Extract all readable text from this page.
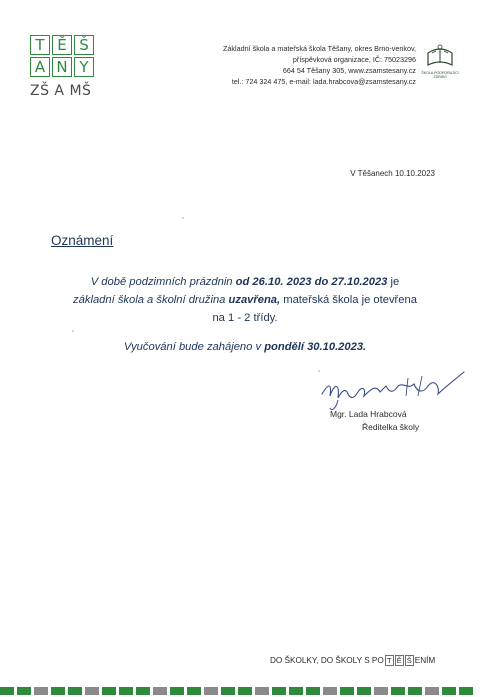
T Ě Š
A N Y
ZŠ A MŠ
Základní škola a mateřská škola Těšany, okres Brno-venkov,
příspěvková organizace, IČ: 75023296
664 54 Těšany 305, www.zsamstesany.cz
tel.: 724 324 475, e-mail: lada.hrabcova@zsamstesany.cz
ŠKOLA PODPORUJÍCÍ ZDRAVÍ
V Těšanech 10.10.2023
Oznámení
V době podzimních prázdnin od 26.10. 2023 do 27.10.2023 je
základní škola a školní družina uzavřena, mateřská škola je otevřena
na 1 - 2 třídy.
Vyučování bude zahájeno v pondělí 30.10.2023.
Mgr. Lada Hrabcová
Ředitelka školy
DO ŠKOLKY, DO ŠKOLY S PO T Ě Š ENÍM
